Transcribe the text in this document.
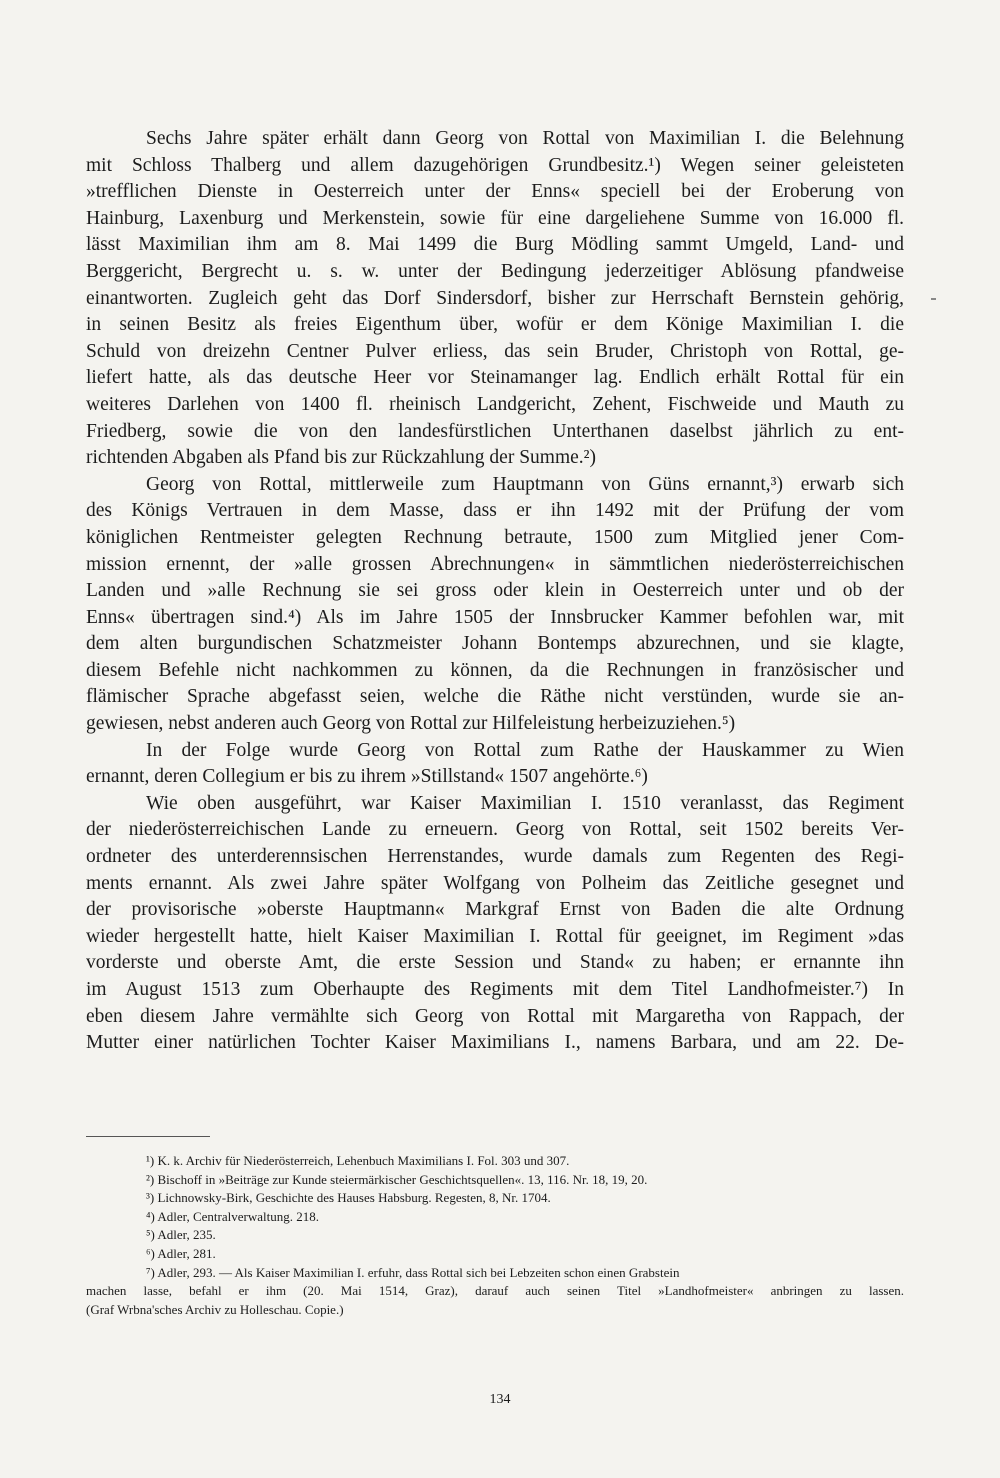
Sechs Jahre später erhält dann Georg von Rottal von Maximilian I. die Belehnung
mit Schloss Thalberg und allem dazugehörigen Grundbesitz.¹) Wegen seiner geleisteten
»trefflichen Dienste in Oesterreich unter der Enns« speciell bei der Eroberung von
Hainburg, Laxenburg und Merkenstein, sowie für eine dargeliehene Summe von 16.000 fl.
lässt Maximilian ihm am 8. Mai 1499 die Burg Mödling sammt Umgeld, Land- und
Berggericht, Bergrecht u. s. w. unter der Bedingung jederzeitiger Ablösung pfandweise
einantworten. Zugleich geht das Dorf Sindersdorf, bisher zur Herrschaft Bernstein gehörig,
in seinen Besitz als freies Eigenthum über, wofür er dem Könige Maximilian I. die
Schuld von dreizehn Centner Pulver erliess, das sein Bruder, Christoph von Rottal, ge-
liefert hatte, als das deutsche Heer vor Steinamanger lag. Endlich erhält Rottal für ein
weiteres Darlehen von 1400 fl. rheinisch Landgericht, Zehent, Fischweide und Mauth zu
Friedberg, sowie die von den landesfürstlichen Unterthanen daselbst jährlich zu ent-
richtenden Abgaben als Pfand bis zur Rückzahlung der Summe.²)
Georg von Rottal, mittlerweile zum Hauptmann von Güns ernannt,³) erwarb sich
des Königs Vertrauen in dem Masse, dass er ihn 1492 mit der Prüfung der vom
königlichen Rentmeister gelegten Rechnung betraute, 1500 zum Mitglied jener Com-
mission ernennt, der »alle grossen Abrechnungen« in sämmtlichen niederösterreichischen
Landen und »alle Rechnung sie sei gross oder klein in Oesterreich unter und ob der
Enns« übertragen sind.⁴) Als im Jahre 1505 der Innsbrucker Kammer befohlen war, mit
dem alten burgundischen Schatzmeister Johann Bontemps abzurechnen, und sie klagte,
diesem Befehle nicht nachkommen zu können, da die Rechnungen in französischer und
flämischer Sprache abgefasst seien, welche die Räthe nicht verstünden, wurde sie an-
gewiesen, nebst anderen auch Georg von Rottal zur Hilfeleistung herbeizuziehen.⁵)
In der Folge wurde Georg von Rottal zum Rathe der Hauskammer zu Wien
ernannt, deren Collegium er bis zu ihrem »Stillstand« 1507 angehörte.⁶)
Wie oben ausgeführt, war Kaiser Maximilian I. 1510 veranlasst, das Regiment
der niederösterreichischen Lande zu erneuern. Georg von Rottal, seit 1502 bereits Ver-
ordneter des unterderennsischen Herrenstandes, wurde damals zum Regenten des Regi-
ments ernannt. Als zwei Jahre später Wolfgang von Polheim das Zeitliche gesegnet und
der provisorische »oberste Hauptmann« Markgraf Ernst von Baden die alte Ordnung
wieder hergestellt hatte, hielt Kaiser Maximilian I. Rottal für geeignet, im Regiment »das
vorderste und oberste Amt, die erste Session und Stand« zu haben; er ernannte ihn
im August 1513 zum Oberhaupte des Regiments mit dem Titel Landhofmeister.⁷) In
eben diesem Jahre vermählte sich Georg von Rottal mit Margaretha von Rappach, der
Mutter einer natürlichen Tochter Kaiser Maximilians I., namens Barbara, und am 22. De-
¹) K. k. Archiv für Niederösterreich, Lehenbuch Maximilians I. Fol. 303 und 307.
²) Bischoff in »Beiträge zur Kunde steiermärkischer Geschichtsquellen«. 13, 116. Nr. 18, 19, 20.
³) Lichnowsky-Birk, Geschichte des Hauses Habsburg. Regesten, 8, Nr. 1704.
⁴) Adler, Centralverwaltung. 218.
⁵) Adler, 235.
⁶) Adler, 281.
⁷) Adler, 293. — Als Kaiser Maximilian I. erfuhr, dass Rottal sich bei Lebzeiten schon einen Grabstein
machen lasse, befahl er ihm (20. Mai 1514, Graz), darauf auch seinen Titel »Landhofmeister« anbringen zu lassen.
(Graf Wrbna'sches Archiv zu Holleschau. Copie.)
134
